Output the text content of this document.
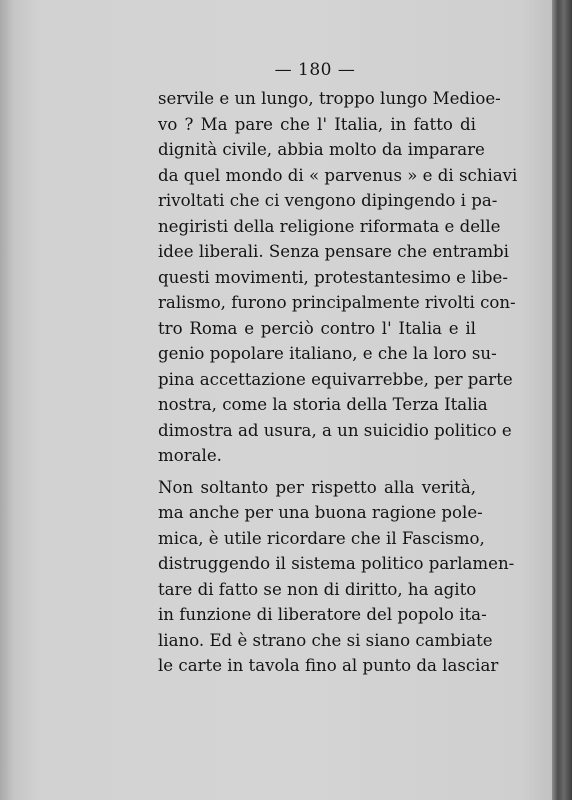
— 180 —
servile e un lungo, troppo lungo Medioe-
vo ? Ma pare che l' Italia, in fatto di
dignità civile, abbia molto da imparare
da quel mondo di « parvenus » e di schiavi
rivoltati che ci vengono dipingendo i pa-
negiristi della religione riformata e delle
idee liberali. Senza pensare che entrambi
questi movimenti, protestantesimo e libe-
ralismo, furono principalmente rivolti con-
tro Roma e perciò contro l' Italia e il
genio popolare italiano, e che la loro su-
pina accettazione equivarrebbe, per parte
nostra, come la storia della Terza Italia
dimostra ad usura, a un suicidio politico e
morale.
Non soltanto per rispetto alla verità,
ma anche per una buona ragione pole-
mica, è utile ricordare che il Fascismo,
distruggendo il sistema politico parlamen-
tare di fatto se non di diritto, ha agito
in funzione di liberatore del popolo ita-
liano. Ed è strano che si siano cambiate
le carte in tavola fino al punto da lasciar
